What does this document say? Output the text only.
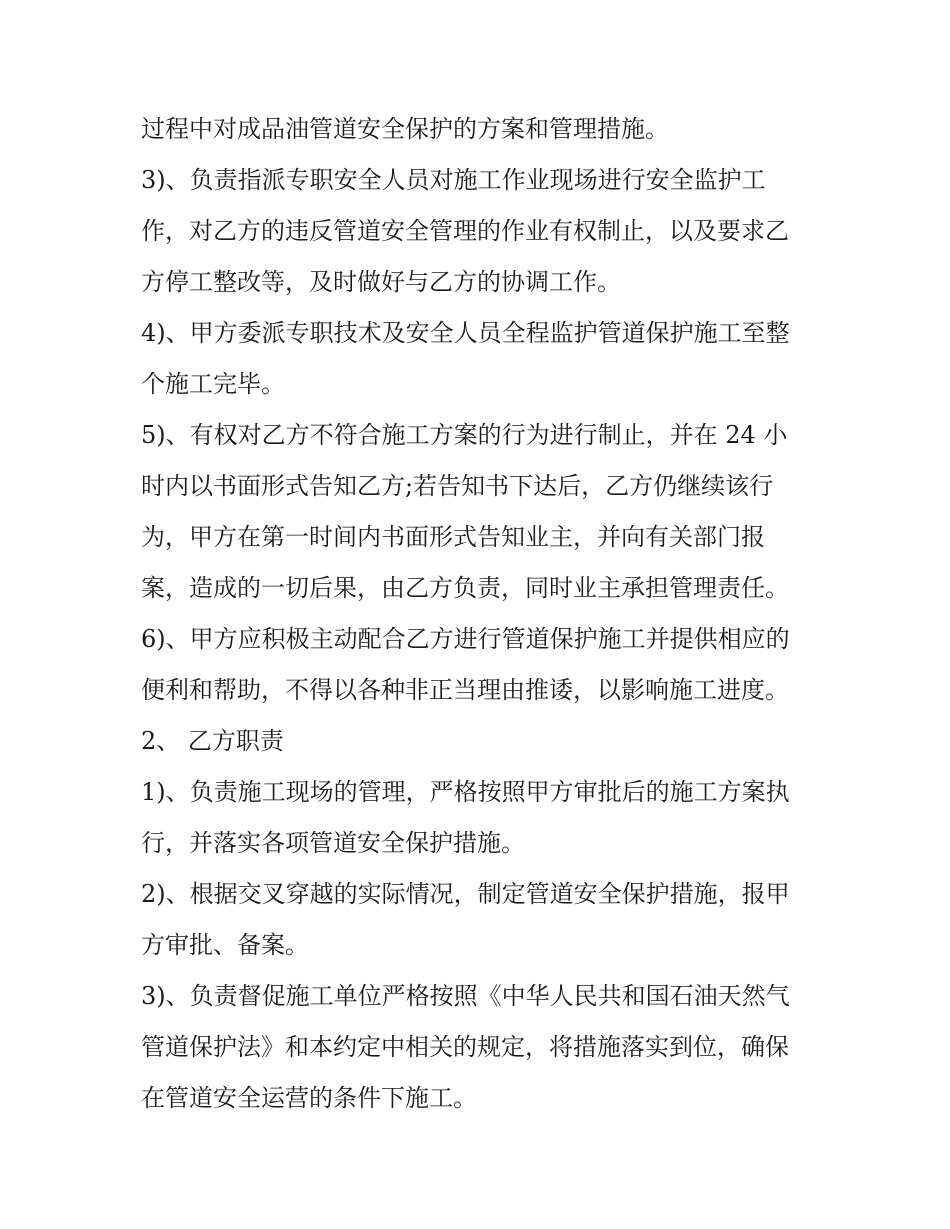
过程中对成品油管道安全保护的方案和管理措施。
3)、负责指派专职安全人员对施工作业现场进行安全监护工
作，对乙方的违反管道安全管理的作业有权制止，以及要求乙
方停工整改等，及时做好与乙方的协调工作。
4)、甲方委派专职技术及安全人员全程监护管道保护施工至整
个施工完毕。
5)、有权对乙方不符合施工方案的行为进行制止，并在 24 小
时内以书面形式告知乙方;若告知书下达后，乙方仍继续该行
为，甲方在第一时间内书面形式告知业主，并向有关部门报
案，造成的一切后果，由乙方负责，同时业主承担管理责任。
6)、甲方应积极主动配合乙方进行管道保护施工并提供相应的
便利和帮助，不得以各种非正当理由推诿，以影响施工进度。
2、 乙方职责
1)、负责施工现场的管理，严格按照甲方审批后的施工方案执
行，并落实各项管道安全保护措施。
2)、根据交叉穿越的实际情况，制定管道安全保护措施，报甲
方审批、备案。
3)、负责督促施工单位严格按照《中华人民共和国石油天然气
管道保护法》和本约定中相关的规定，将措施落实到位，确保
在管道安全运营的条件下施工。
